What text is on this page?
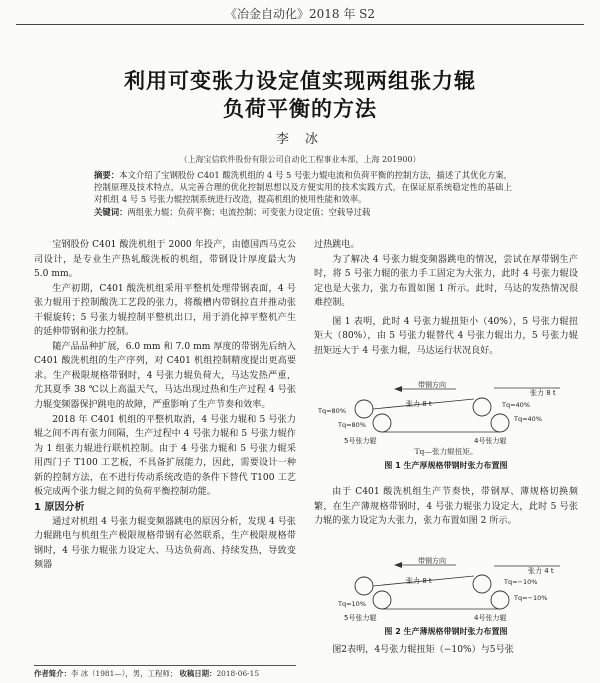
《冶金自动化》2018 年 S2
利用可变张力设定值实现两组张力辊
负荷平衡的方法
李 冰
（上海宝信软件股份有限公司自动化工程事业本部，上海 201900）
摘要：本文介绍了宝钢股份 C401 酸洗机组的 4 号 5 号张力辊电流和负荷平衡的控制方法，描述了其优化方案，控制原理及技术特点，从完善合理的优化控制思想以及方便实用的技术实践方式，在保证原系统稳定性的基础上对机组 4 号 5 号张力辊控制系统进行改造，提高机组的使用性能和效率。
关键词：两组张力辊；负荷平衡；电流控制；可变张力设定值；空载导过载

宝钢股份 C401 酸洗机组于 2000 年投产，由德国西马克公司设计，是专业生产热轧酸洗板的机组，带钢设计厚度最大为 5.0 mm。

生产初期，C401 酸洗机组采用平整机处理带钢表面，4 号张力辊用于控制酸洗工艺段的张力，将酸槽内带钢拉直并推动张干辊旋转；5 号张力辊控制平整机出口，用于消化掉平整机产生的延伸带钢和张力控制。

随产品品种扩展，6.0 mm 和 7.0 mm 厚度的带钢先后纳入 C401 酸洗机组的生产序列，对 C401 机组控制精度提出更高要求。生产极限规格带钢时，4 号张力辊负荷大，马达发热严重，尤其夏季 38 ℃以上高温天气，马达出现过热和生产过程 4 号张力辊变频器保护跳电的故障，严重影响了生产节奏和效率。

2018 年 C401 机组的平整机取消，4 号张力辊和 5 号张力辊之间不再有张力间隔，生产过程中 4 号张力辊和 5 号张力辊作为 1 组张力辊进行联机控制。由于 4 号张力辊和 5 号张力辊采用西门子 T100 工艺板，不具备扩展能力，因此，需要设计一种新的控制方法，在不进行传动系统改造的条件下替代 T100 工艺板完成两个张力辊之间的负荷平衡控制功能。

1 原因分析

通过对机组 4 号张力辊变频器跳电的原因分析，发现 4 号张力辊跳电与机组生产极限规格带钢有必然联系，生产极限规格带钢时，4 号张力辊张力设定大、马达负荷高、持续发热，导致变频器

作者简介：李 冰（1981—），男，工程师； 收稿日期：2018-06-15

过热跳电。

为了解决 4 号张力辊变频器跳电的情况，尝试在厚带钢生产时，将 5 号张力辊的张力手工固定为大张力，此时 4 号张力辊设定也是大张力，张力布置如图 1 所示。此时，马达的发热情况很难控制。

图 1 表明，此时 4 号张力辊扭矩小（40%），5 号张力辊扭矩大（80%），由 5 号张力辊替代 4 号张力辊出力，5 号张力辊扭矩远大于 4 号张力辊，马达运行状况良好。

带钢方向
张力 8 t
张力 8 t
Tq=80%
Tq=80%
Tq=40%
Tq=40%
5号张力辊	4号张力辊
Tq—张力辊扭矩。
图 1 生产厚规格带钢时张力布置图

由于 C401 酸洗机组生产节奏快，带钢厚、薄规格切换频繁，在生产薄规格带钢时，4 号张力辊张力设定大，此时 5 号张力辊的张力设定为大张力，张力布置如图 2 所示。

带钢方向
张力 4 t
张力 8 t	Tq=−10%
Tq=10%
Tq=−10%
5号张力辊	4号张力辊
图 2 生产薄规格带钢时张力布置图

图2表明，4号张力辊扭矩（−10%）与5号张
